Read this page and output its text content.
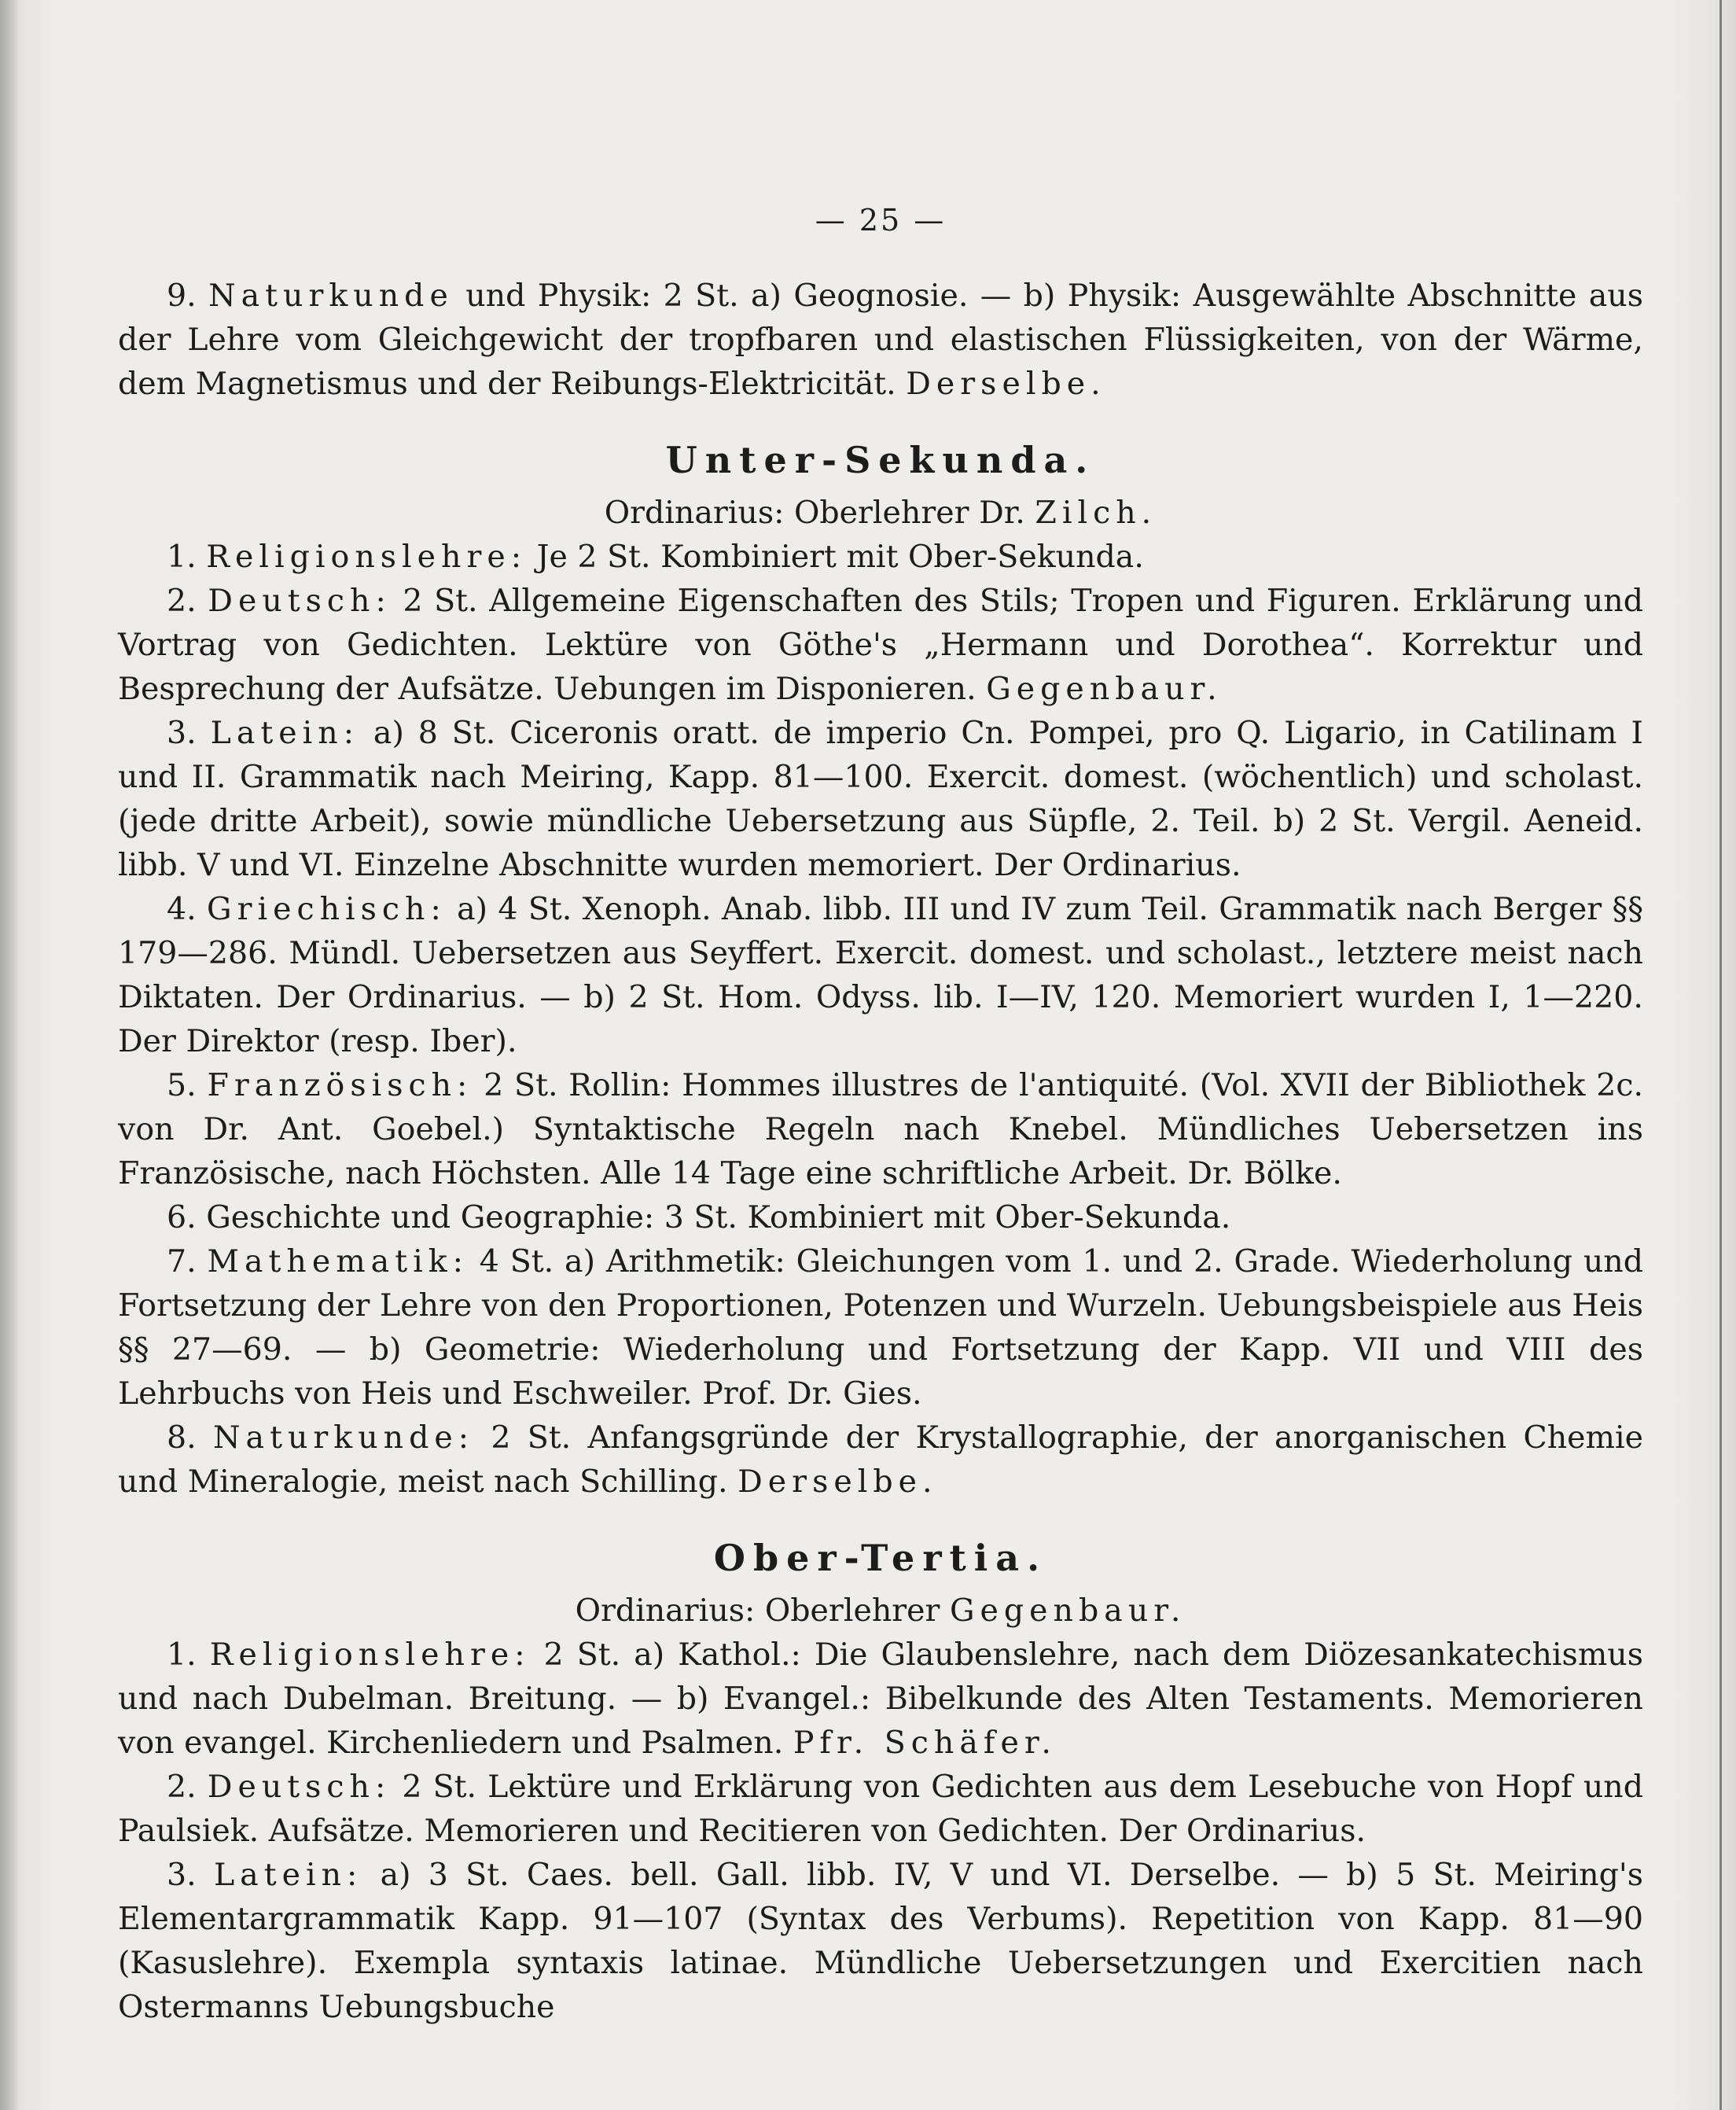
— 25 —

9. Naturkunde und Physik: 2 St. a) Geognosie. — b) Physik: Ausgewählte Abschnitte aus der Lehre vom Gleichgewicht der tropfbaren und elastischen Flüssigkeiten, von der Wärme, dem Magnetismus und der Reibungs-Elektricität. Derselbe.

Unter-Sekunda.

Ordinarius: Oberlehrer Dr. Zilch.

1. Religionslehre: Je 2 St. Kombiniert mit Ober-Sekunda.

2. Deutsch: 2 St. Allgemeine Eigenschaften des Stils; Tropen und Figuren. Erklärung und Vortrag von Gedichten. Lektüre von Göthe's „Hermann und Dorothea“. Korrektur und Besprechung der Aufsätze. Uebungen im Disponieren. Gegenbaur.

3. Latein: a) 8 St. Ciceronis oratt. de imperio Cn. Pompei, pro Q. Ligario, in Catilinam I und II. Grammatik nach Meiring, Kapp. 81—100. Exercit. domest. (wöchentlich) und scholast. (jede dritte Arbeit), sowie mündliche Uebersetzung aus Süpfle, 2. Teil. b) 2 St. Vergil. Aeneid. libb. V und VI. Einzelne Abschnitte wurden memoriert. Der Ordinarius.

4. Griechisch: a) 4 St. Xenoph. Anab. libb. III und IV zum Teil. Grammatik nach Berger §§ 179—286. Mündl. Uebersetzen aus Seyffert. Exercit. domest. und scholast., letztere meist nach Diktaten. Der Ordinarius. — b) 2 St. Hom. Odyss. lib. I—IV, 120. Memoriert wurden I, 1—220. Der Direktor (resp. Iber).

5. Französisch: 2 St. Rollin: Hommes illustres de l'antiquité. (Vol. XVII der Bibliothek 2c. von Dr. Ant. Goebel.) Syntaktische Regeln nach Knebel. Mündliches Uebersetzen ins Französische, nach Höchsten. Alle 14 Tage eine schriftliche Arbeit. Dr. Bölke.

6. Geschichte und Geographie: 3 St. Kombiniert mit Ober-Sekunda.

7. Mathematik: 4 St. a) Arithmetik: Gleichungen vom 1. und 2. Grade. Wiederholung und Fortsetzung der Lehre von den Proportionen, Potenzen und Wurzeln. Uebungsbeispiele aus Heis §§ 27—69. — b) Geometrie: Wiederholung und Fortsetzung der Kapp. VII und VIII des Lehrbuchs von Heis und Eschweiler. Prof. Dr. Gies.

8. Naturkunde: 2 St. Anfangsgründe der Krystallographie, der anorganischen Chemie und Mineralogie, meist nach Schilling. Derselbe.

Ober-Tertia.

Ordinarius: Oberlehrer Gegenbaur.

1. Religionslehre: 2 St. a) Kathol.: Die Glaubenslehre, nach dem Diözesankatechismus und nach Dubelman. Breitung. — b) Evangel.: Bibelkunde des Alten Testaments. Memorieren von evangel. Kirchenliedern und Psalmen. Pfr. Schäfer.

2. Deutsch: 2 St. Lektüre und Erklärung von Gedichten aus dem Lesebuche von Hopf und Paulsiek. Aufsätze. Memorieren und Recitieren von Gedichten. Der Ordinarius.

3. Latein: a) 3 St. Caes. bell. Gall. libb. IV, V und VI. Derselbe. — b) 5 St. Meiring's Elementargrammatik Kapp. 91—107 (Syntax des Verbums). Repetition von Kapp. 81—90 (Kasuslehre). Exempla syntaxis latinae. Mündliche Uebersetzungen und Exercitien nach Ostermanns Uebungsbuche
